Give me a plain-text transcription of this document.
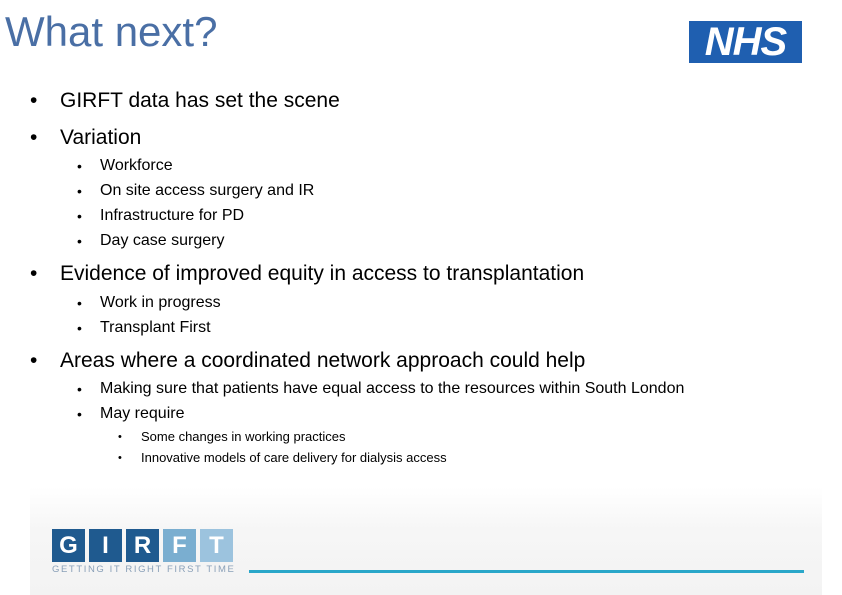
What next?	NHS
• GIRFT data has set the scene
• Variation
• Workforce
• On site access surgery and IR
• Infrastructure for PD
• Day case surgery
• Evidence of improved equity in access to transplantation
• Work in progress
• Transplant First
• Areas where a coordinated network approach could help
• Making sure that patients have equal access to the resources within South London
• May require
• Some changes in working practices
• Innovative models of care delivery for dialysis access
G	I	R F T
GETTING IT RIGHT FIRST TIME
